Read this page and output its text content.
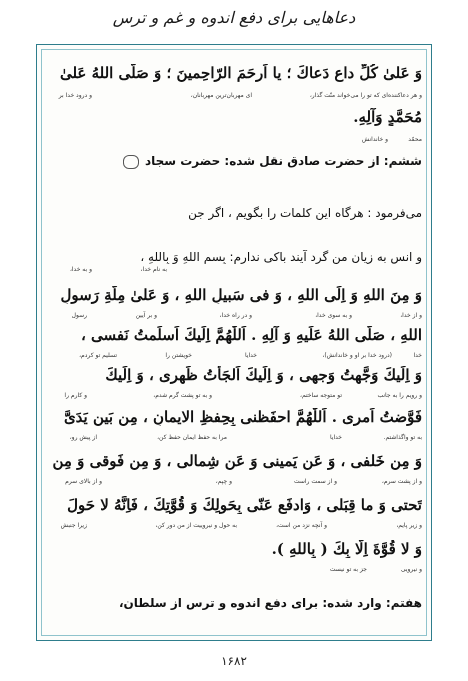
دعاهایی برای دفع اندوه و غم و ترس
وَ عَلیٰ کُلِّ داعٍ دَعاكَ ؛ یا اَرحَمَ الرّاحِمینَ ؛ وَ صَلَّی اللهُ عَلیٰ
و هر دعاکننده‌ای که تو را می‌خواند منّت گذار،
ای مهربان‌ترین مهربانان،
و درود خدا بر
مُحَمَّدٍ وَآلِهِ.
محمّد
و خاندانش
ششم: از حضرت صادق نقل شده: حضرت سجاد
می‌فرمود : هرگاه این کلمات را بگویم ، اگر جن
و انس به زیان من گرد آیند باکی ندارم: بِسمِ اللهِ وَ بِاللهِ ،
به نام خدا،
و به خدا،
وَ مِنَ اللهِ وَ اِلَی اللهِ ، وَ فی سَبیلِ اللهِ ، وَ عَلیٰ مِلَّةِ رَسولِ
و از خدا،
و به سوی خدا،
و در راه خدا،
و بر آیین
رسول
اللهِ ، صَلَّی اللهُ عَلَیهِ وَ آلِهِ . اَللّٰهُمَّ اِلَیكَ اَسلَمتُ نَفسی ،
خدا
(درود خدا بر او و خاندانش)،
خدایا
خویشتن را
تسلیم تو کردم،
وَ اِلَیكَ وَجَّهتُ وَجهی ، وَ اِلَیكَ اَلجَأتُ ظَهری ، وَ اِلَیكَ
و رویم را به جانب
تو متوجه ساختم،
و به تو پشت گرم شدم،
و کارم را
فَوَّضتُ اَمری . اَللّٰهُمَّ احفَظنی بِحِفظِ الایمانِ ، مِن بَینِ یَدَیَّ
به تو واگذاشتم.
خدایا
مرا به حفظ ایمان حفظ کن،
از پیش رو،
وَ مِن خَلفی ، وَ عَن یَمینی وَ عَن شِمالی ، وَ مِن فَوقی وَ مِن
و از پشت سرم،
و از سمت راست
و چپم،
و از بالای سرم
تَحتی وَ ما قِبَلی ، وَادفَع عَنّی بِحَولِكَ وَ قُوَّتِكَ ، فَاِنَّهُ لا حَولَ
و زیر پایم،
و آنچه نزد من است،
به حول و نیروییت از من دور کن،
زیرا جنبش
وَ لا قُوَّةَ اِلّا بِكَ ( بِاللهِ ).
و نیرویی
جز به تو نیست
هفتم: وارد شده: برای دفع اندوه و ترس از سلطان،
۱۶۸۲
